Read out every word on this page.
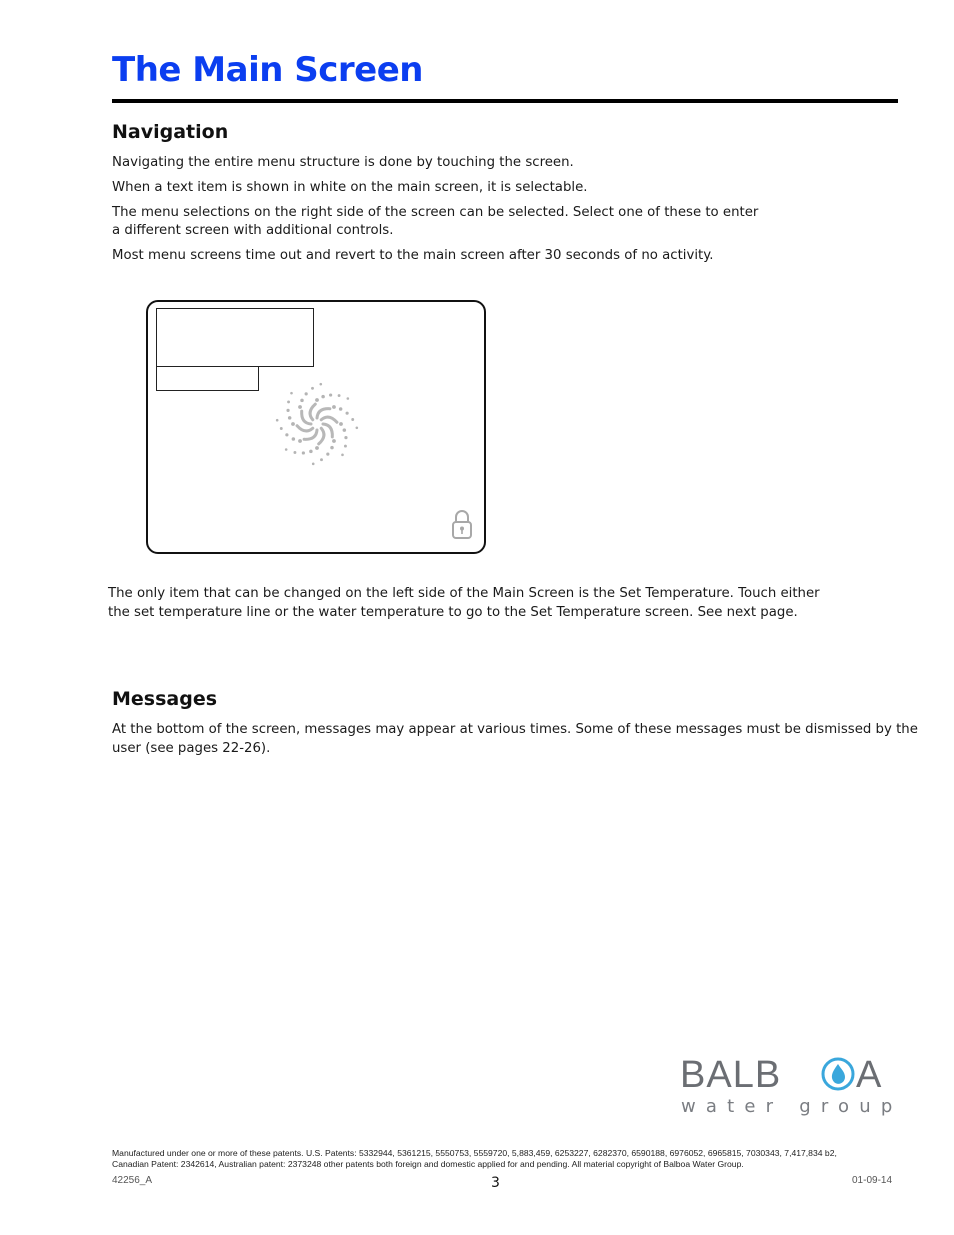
The Main Screen
Navigation
Navigating the entire menu structure is done by touching the screen.
When a text item is shown in white on the main screen, it is selectable.
The menu selections on the right side of the screen can be selected. Select one of these to enter
a different screen with additional controls.
Most menu screens time out and revert to the main screen after 30 seconds of no activity.
The only item that can be changed on the left side of the Main Screen is the Set Temperature. Touch either
the set temperature line or the water temperature to go to the Set Temperature screen. See next page.
Messages
At the bottom of the screen, messages may appear at various times. Some of these messages must be dismissed by the
user (see pages 22-26).
BALB A
water group
Manufactured under one or more of these patents. U.S. Patents: 5332944, 5361215, 5550753, 5559720, 5,883,459, 6253227, 6282370, 6590188, 6976052, 6965815, 7030343, 7,417,834 b2,
Canadian Patent: 2342614, Australian patent: 2373248 other patents both foreign and domestic applied for and pending. All material copyright of Balboa Water Group.
42256_A	3	01-09-14
